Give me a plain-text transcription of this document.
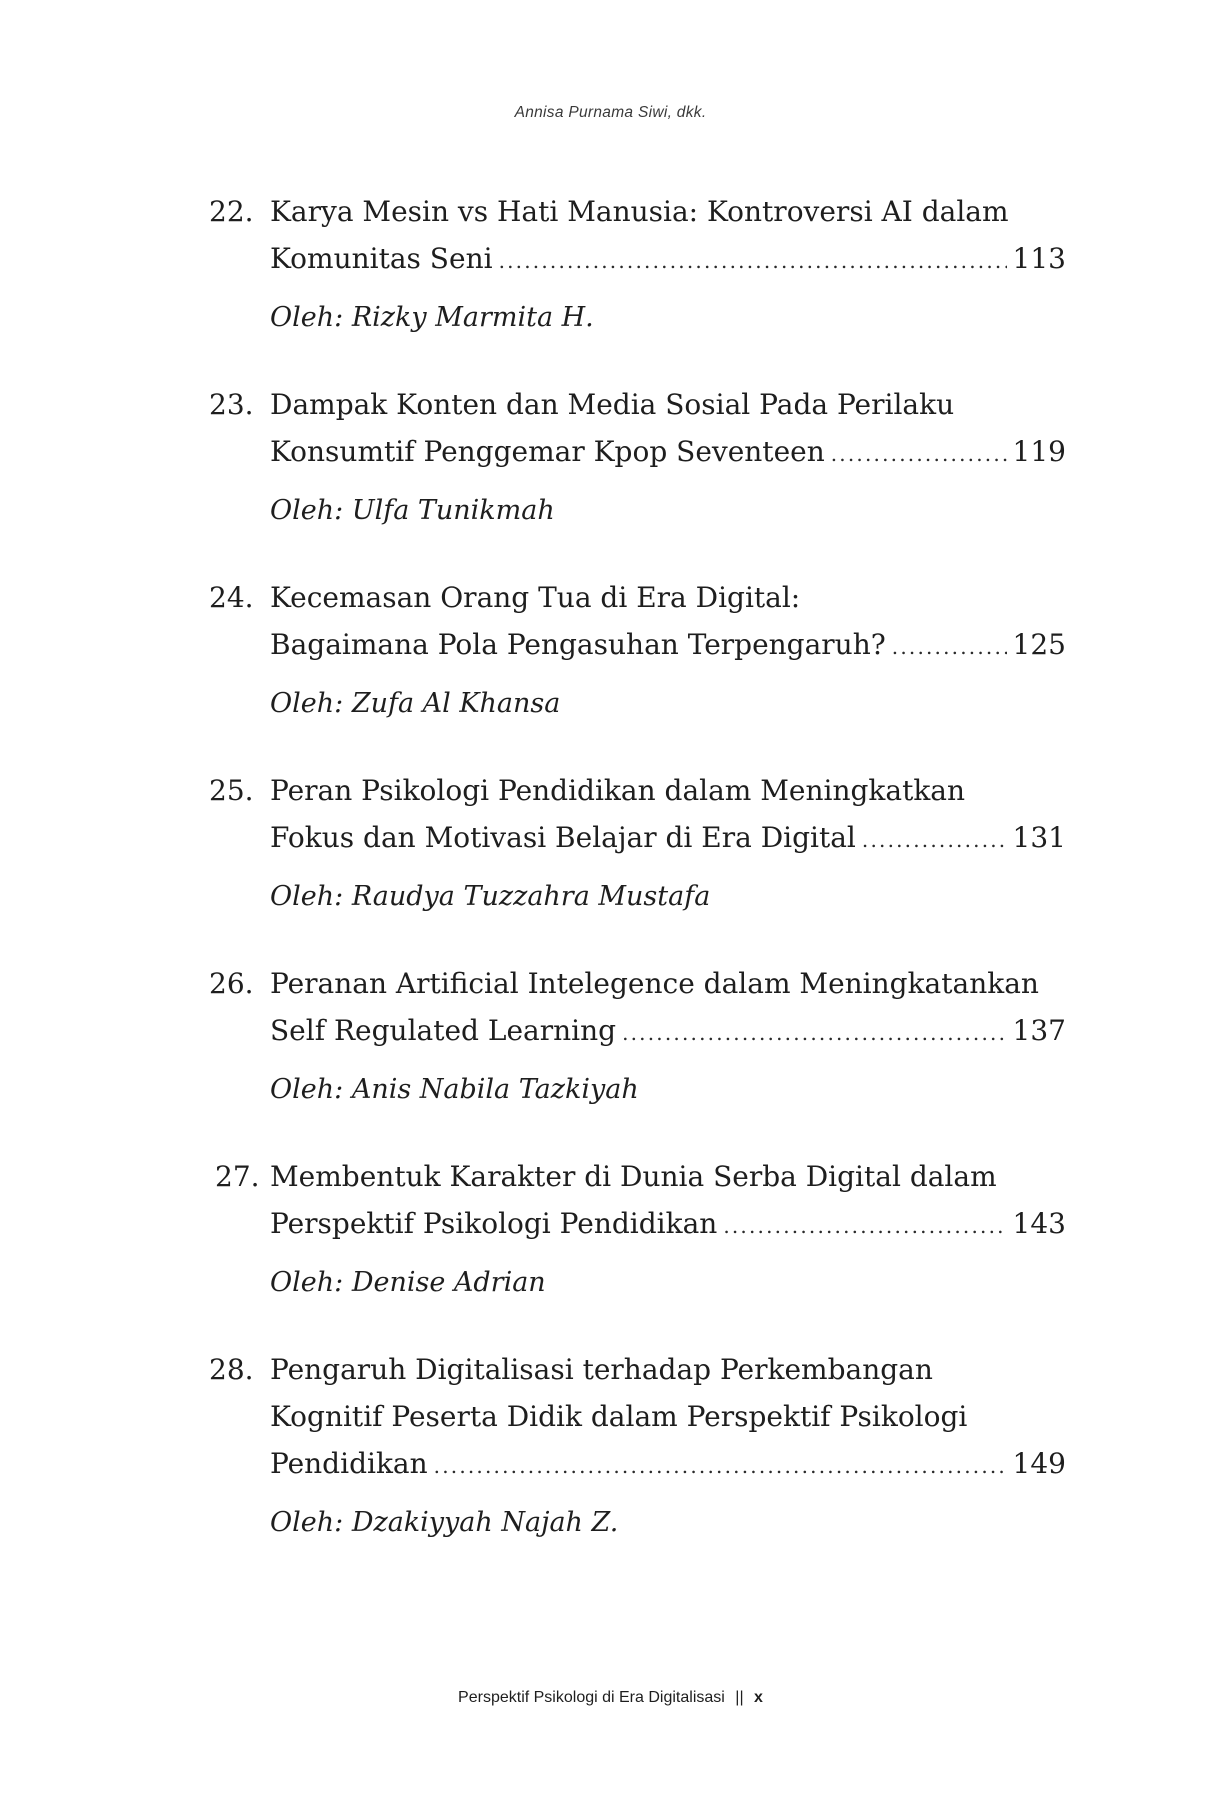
Annisa Purnama Siwi, dkk.
22. Karya Mesin vs Hati Manusia: Kontroversi AI dalam
Komunitas Seni .....	113
Oleh: Rizky Marmita H.
23. Dampak Konten dan Media Sosial Pada Perilaku
Konsumtif Penggemar Kpop Seventeen .....	119
Oleh: Ulfa Tunikmah
24. Kecemasan Orang Tua di Era Digital:
Bagaimana Pola Pengasuhan Terpengaruh? .....	125
Oleh: Zufa Al Khansa
25. Peran Psikologi Pendidikan dalam Meningkatkan
Fokus dan Motivasi Belajar di Era Digital .....	131
Oleh: Raudya Tuzzahra Mustafa
26. Peranan Artificial Intelegence dalam Meningkatankan
Self Regulated Learning .....	137
Oleh: Anis Nabila Tazkiyah
27. Membentuk Karakter di Dunia Serba Digital dalam
Perspektif Psikologi Pendidikan .....	143
Oleh: Denise Adrian
28. Pengaruh Digitalisasi terhadap Perkembangan
Kognitif Peserta Didik dalam Perspektif Psikologi
Pendidikan .....	149
Oleh: Dzakiyyah Najah Z.
Perspektif Psikologi di Era Digitalisasi || x
